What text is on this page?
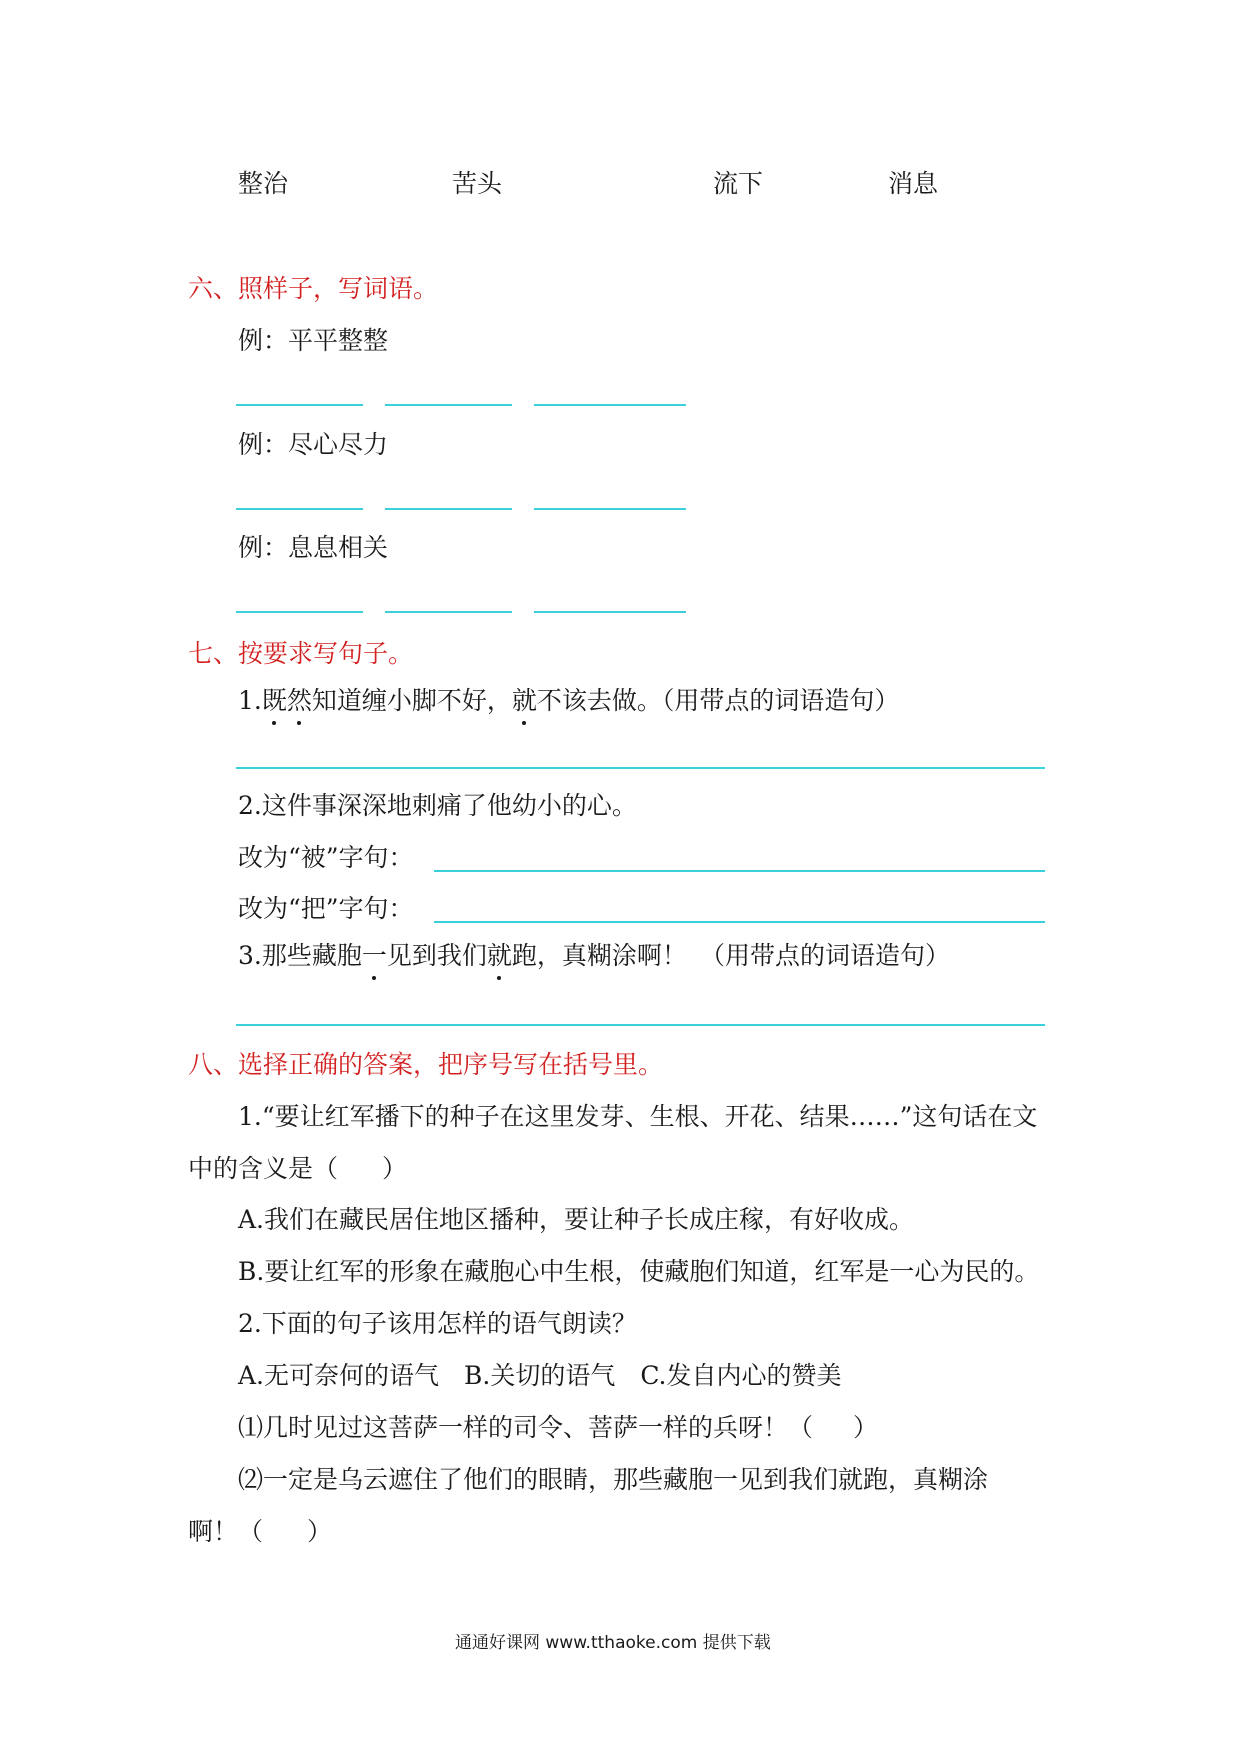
整治	苦头	流下	消息
六、照样子，写词语。
例：平平整整
例：尽心尽力
例：息息相关
七、按要求写句子。
1.既然知道缠小脚不好，就不该去做。（用带点的词语造句）
2.这件事深深地刺痛了他幼小的心。
改为“被”字句：
改为“把”字句：
3.那些藏胞一见到我们就跑，真糊涂啊！ （用带点的词语造句）
八、选择正确的答案，把序号写在括号里。
1.“要让红军播下的种子在这里发芽、生根、开花、结果……”这句话在文
中的含义是（ ）
A.我们在藏民居住地区播种，要让种子长成庄稼，有好收成。
B.要让红军的形象在藏胞心中生根，使藏胞们知道，红军是一心为民的。
2.下面的句子该用怎样的语气朗读？
A.无可奈何的语气　B.关切的语气　C.发自内心的赞美
⑴几时见过这菩萨一样的司令、菩萨一样的兵呀！（ ）
⑵一定是乌云遮住了他们的眼睛，那些藏胞一见到我们就跑，真糊涂
啊！（ ）
通通好课网 www.tthaoke.com 提供下载
